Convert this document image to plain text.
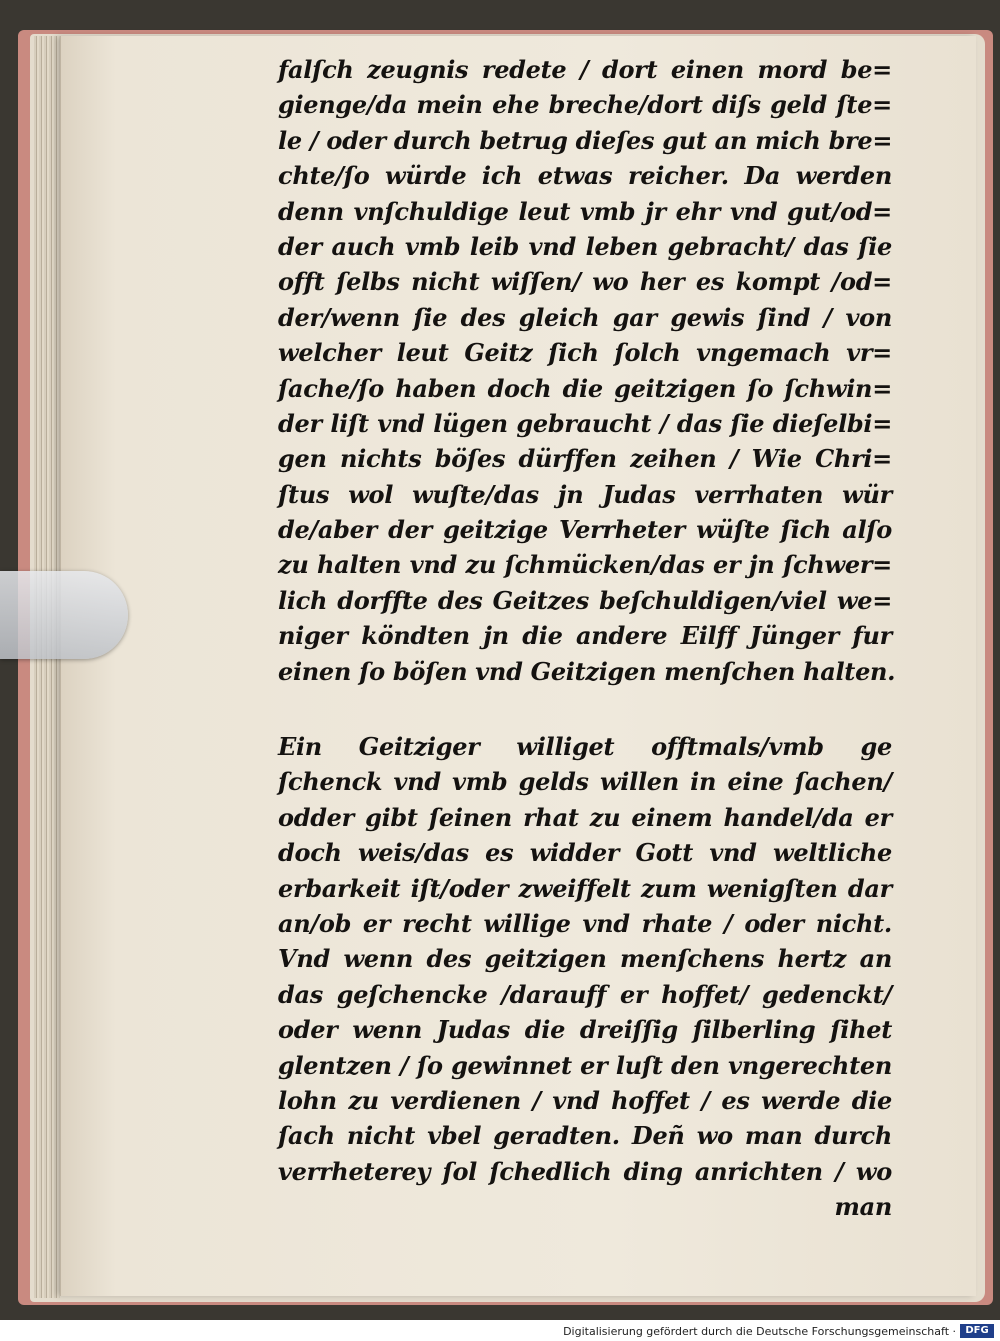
falſch zeugnis redete / dort einen mord be=
gienge/da mein ehe breche/dort diſs geld ſte=
le / oder durch betrug dieſes gut an mich bre=
chte/ſo würde ich etwas reicher. Da werden
denn vnſchuldige leut vmb jr ehr vnd gut/od=
der auch vmb leib vnd leben gebracht/ das ſie
offt ſelbs nicht wiſſen/ wo her es kompt /od=
der/wenn ſie des gleich gar gewis ſind / von
welcher leut Geitz ſich ſolch vngemach vr=
ſache/ſo haben doch die geitzigen ſo ſchwin=
der liſt vnd lügen gebraucht / das ſie dieſelbi=
gen nichts böſes dürffen zeihen / Wie Chri=
ſtus wol wuſte/das jn Judas verrhaten wür
de/aber der geitzige Verrheter wüſte ſich alſo
zu halten vnd zu ſchmücken/das er jn ſchwer=
lich dorffte des Geitzes beſchuldigen/viel we=
niger köndten jn die andere Eilff Jünger fur
einen ſo böſen vnd Geitzigen menſchen halten.
Ein Geitziger williget offtmals/vmb ge
ſchenck vnd vmb gelds willen in eine ſachen/
odder gibt ſeinen rhat zu einem handel/da er
doch weis/das es widder Gott vnd weltliche
erbarkeit iſt/oder zweiffelt zum wenigſten dar
an/ob er recht willige vnd rhate / oder nicht.
Vnd wenn des geitzigen menſchens hertz an
das geſchencke /darauff er hoffet/ gedenckt/
oder wenn Judas die dreiſſig ſilberling ſihet
glentzen / ſo gewinnet er luſt den vngerechten
lohn zu verdienen / vnd hoffet / es werde die
ſach nicht vbel geradten. Deñ wo man durch
verrheterey ſol ſchedlich ding anrichten / wo
man
Digitalisierung gefördert durch die Deutsche Forschungsgemeinschaft · DFG
